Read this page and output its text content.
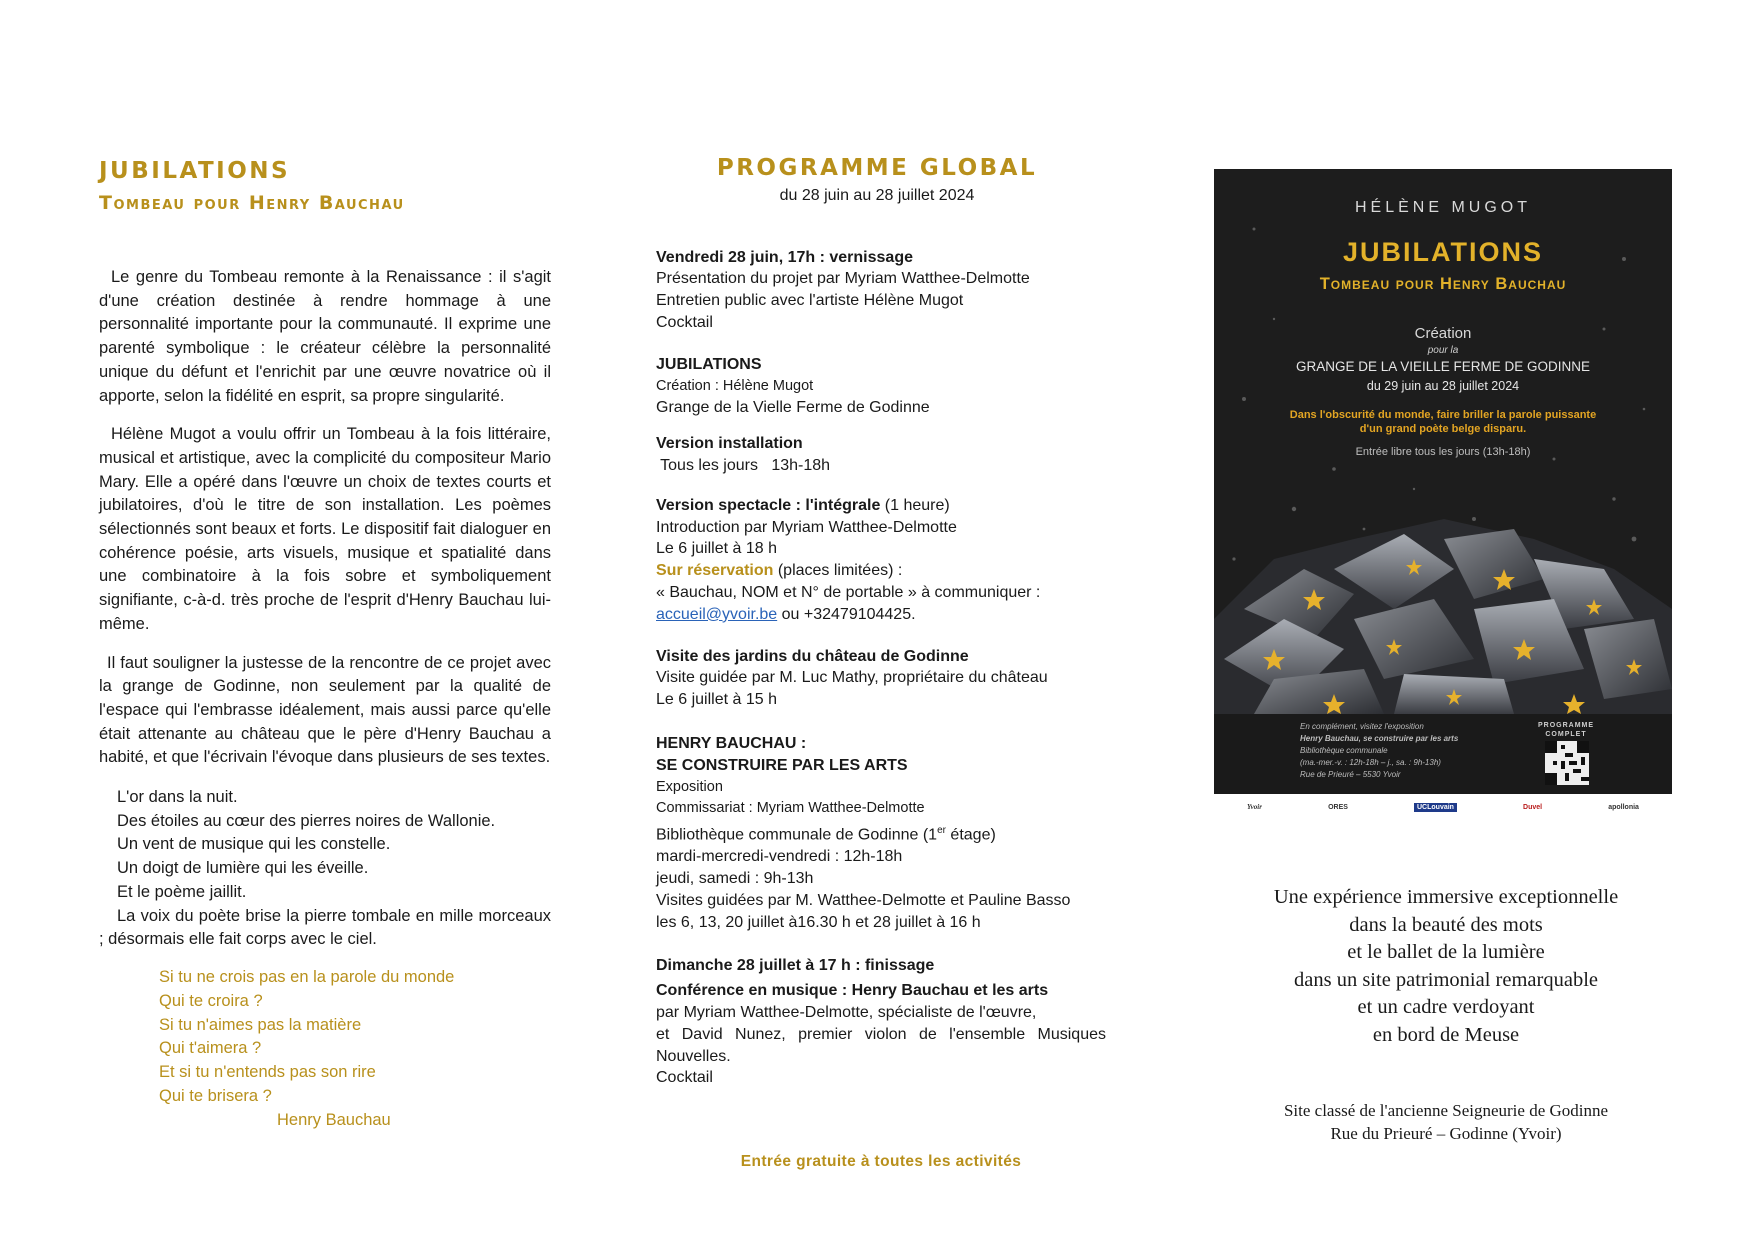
JUBILATIONS
Tombeau pour Henry Bauchau

Le genre du Tombeau remonte à la Renaissance : il s'agit d'une création destinée à rendre hommage à une personnalité importante pour la communauté. Il exprime une parenté symbolique : le créateur célèbre la personnalité unique du défunt et l'enrichit par une œuvre novatrice où il apporte, selon la fidélité en esprit, sa propre singularité.

Hélène Mugot a voulu offrir un Tombeau à la fois littéraire, musical et artistique, avec la complicité du compositeur Mario Mary. Elle a opéré dans l'œuvre un choix de textes courts et jubilatoires, d'où le titre de son installation. Les poèmes sélectionnés sont beaux et forts. Le dispositif fait dialoguer en cohérence poésie, arts visuels, musique et spatialité dans une combinatoire à la fois sobre et symboliquement signifiante, c-à-d. très proche de l'esprit d'Henry Bauchau lui-même.

Il faut souligner la justesse de la rencontre de ce projet avec la grange de Godinne, non seulement par la qualité de l'espace qui l'embrasse idéalement, mais aussi parce qu'elle était attenante au château que le père d'Henry Bauchau a habité, et que l'écrivain l'évoque dans plusieurs de ses textes.

L'or dans la nuit.
Des étoiles au cœur des pierres noires de Wallonie.
Un vent de musique qui les constelle.
Un doigt de lumière qui les éveille.
Et le poème jaillit.
La voix du poète brise la pierre tombale en mille morceaux ; désormais elle fait corps avec le ciel.
Si tu ne crois pas en la parole du monde
Qui te croira ?
Si tu n'aimes pas la matière
Qui t'aimera ?
Et si tu n'entends pas son rire
Qui te brisera ?
Henry Bauchau
PROGRAMME GLOBAL
du 28 juin au 28 juillet 2024
Vendredi 28 juin, 17h : vernissage
Présentation du projet par Myriam Watthee-Delmotte
Entretien public avec l'artiste Hélène Mugot
Cocktail
JUBILATIONS
Création : Hélène Mugot
Grange de la Vielle Ferme de Godinne
Version installation
Tous les jours   13h-18h
Version spectacle : l'intégrale (1 heure)
Introduction par Myriam Watthee-Delmotte
Le 6 juillet à 18 h
Sur réservation (places limitées) :
« Bauchau, NOM et N° de portable » à communiquer :
accueil@yvoir.be ou +32479104425.
Visite des jardins du château de Godinne
Visite guidée par M. Luc Mathy, propriétaire du château
Le 6 juillet à 15 h
HENRY BAUCHAU :
SE CONSTRUIRE PAR LES ARTS
Exposition
Commissariat : Myriam Watthee-Delmotte
Bibliothèque communale de Godinne (1er étage)
mardi-mercredi-vendredi : 12h-18h
jeudi, samedi : 9h-13h
Visites guidées par M. Watthee-Delmotte et Pauline Basso
les 6, 13, 20 juillet à16.30 h et 28 juillet à 16 h
Dimanche 28 juillet à 17 h : finissage
Conférence en musique : Henry Bauchau et les arts
par Myriam Watthee-Delmotte, spécialiste de l'œuvre,
et David Nunez, premier violon de l'ensemble Musiques Nouvelles.
Cocktail
Entrée gratuite à toutes les activités
HÉLÈNE MUGOT
JUBILATIONS
Tombeau pour Henry Bauchau
Création
pour la
GRANGE DE LA VIEILLE FERME DE GODINNE
du 29 juin au 28 juillet 2024
Dans l'obscurité du monde, faire briller la parole puissante
d'un grand poète belge disparu.
Entrée libre tous les jours (13h-18h)
En complément, visitez l'exposition
Henry Bauchau, se construire par les arts
Bibliothèque communale
(ma.-mer.-v. : 12h-18h – j., sa. : 9h-13h)
Rue de Prieuré – 5530 Yvoir
PROGRAMME
COMPLET
Yvoir	ORES	UCLouvain	Duvel	apollonia
Une expérience immersive exceptionnelle
dans la beauté des mots
et le ballet de la lumière
dans un site patrimonial remarquable
et un cadre verdoyant
en bord de Meuse
Site classé de l'ancienne Seigneurie de Godinne
Rue du Prieuré – Godinne (Yvoir)
